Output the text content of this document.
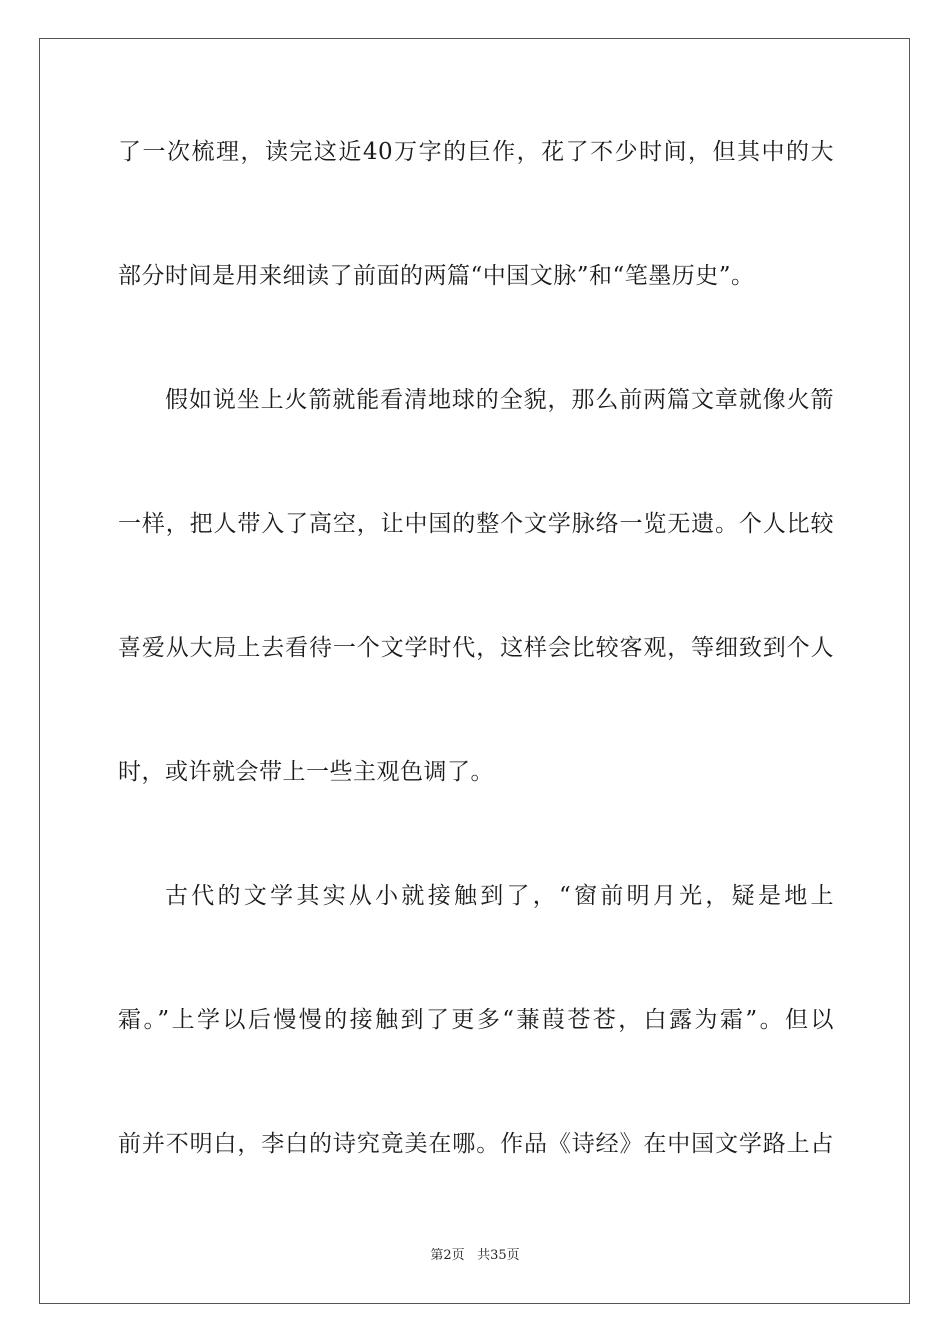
了一次梳理，读完这近40万字的巨作，花了不少时间，但其中的大
部分时间是用来细读了前面的两篇“中国文脉”和“笔墨历史”。
假如说坐上火箭就能看清地球的全貌，那么前两篇文章就像火箭
一样，把人带入了高空，让中国的整个文学脉络一览无遗。个人比较
喜爱从大局上去看待一个文学时代，这样会比较客观，等细致到个人
时，或许就会带上一些主观色调了。
古代的文学其实从小就接触到了，“窗前明月光，疑是地上
霜。”上学以后慢慢的接触到了更多“蒹葭苍苍，白露为霜”。但以
前并不明白，李白的诗究竟美在哪。作品《诗经》在中国文学路上占
第2页 共35页
